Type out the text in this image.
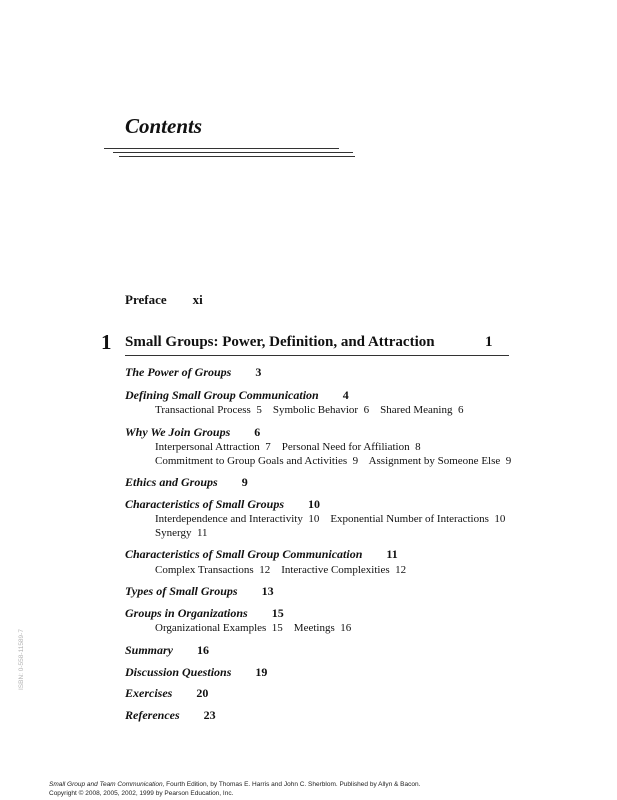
Contents
Preface xi
1 Small Groups: Power, Definition, and Attraction	1
The Power of Groups 3
Defining Small Group Communication 4
Transactional Process  5    Symbolic Behavior  6    Shared Meaning  6
Why We Join Groups 6
Interpersonal Attraction  7    Personal Need for Affiliation  8
Commitment to Group Goals and Activities  9    Assignment by Someone Else  9
Ethics and Groups 9
Characteristics of Small Groups 10
Interdependence and Interactivity  10    Exponential Number of Interactions  10
Synergy  11
Characteristics of Small Group Communication 11
Complex Transactions  12    Interactive Complexities  12
Types of Small Groups 13
Groups in Organizations 15
Organizational Examples  15    Meetings  16
Summary 16
Discussion Questions 19
Exercises 20
References 23
ISBN: 0-558-11589-7
Small Group and Team Communication, Fourth Edition, by Thomas E. Harris and John C. Sherblom. Published by Allyn & Bacon.
Copyright © 2008, 2005, 2002, 1999 by Pearson Education, Inc.
